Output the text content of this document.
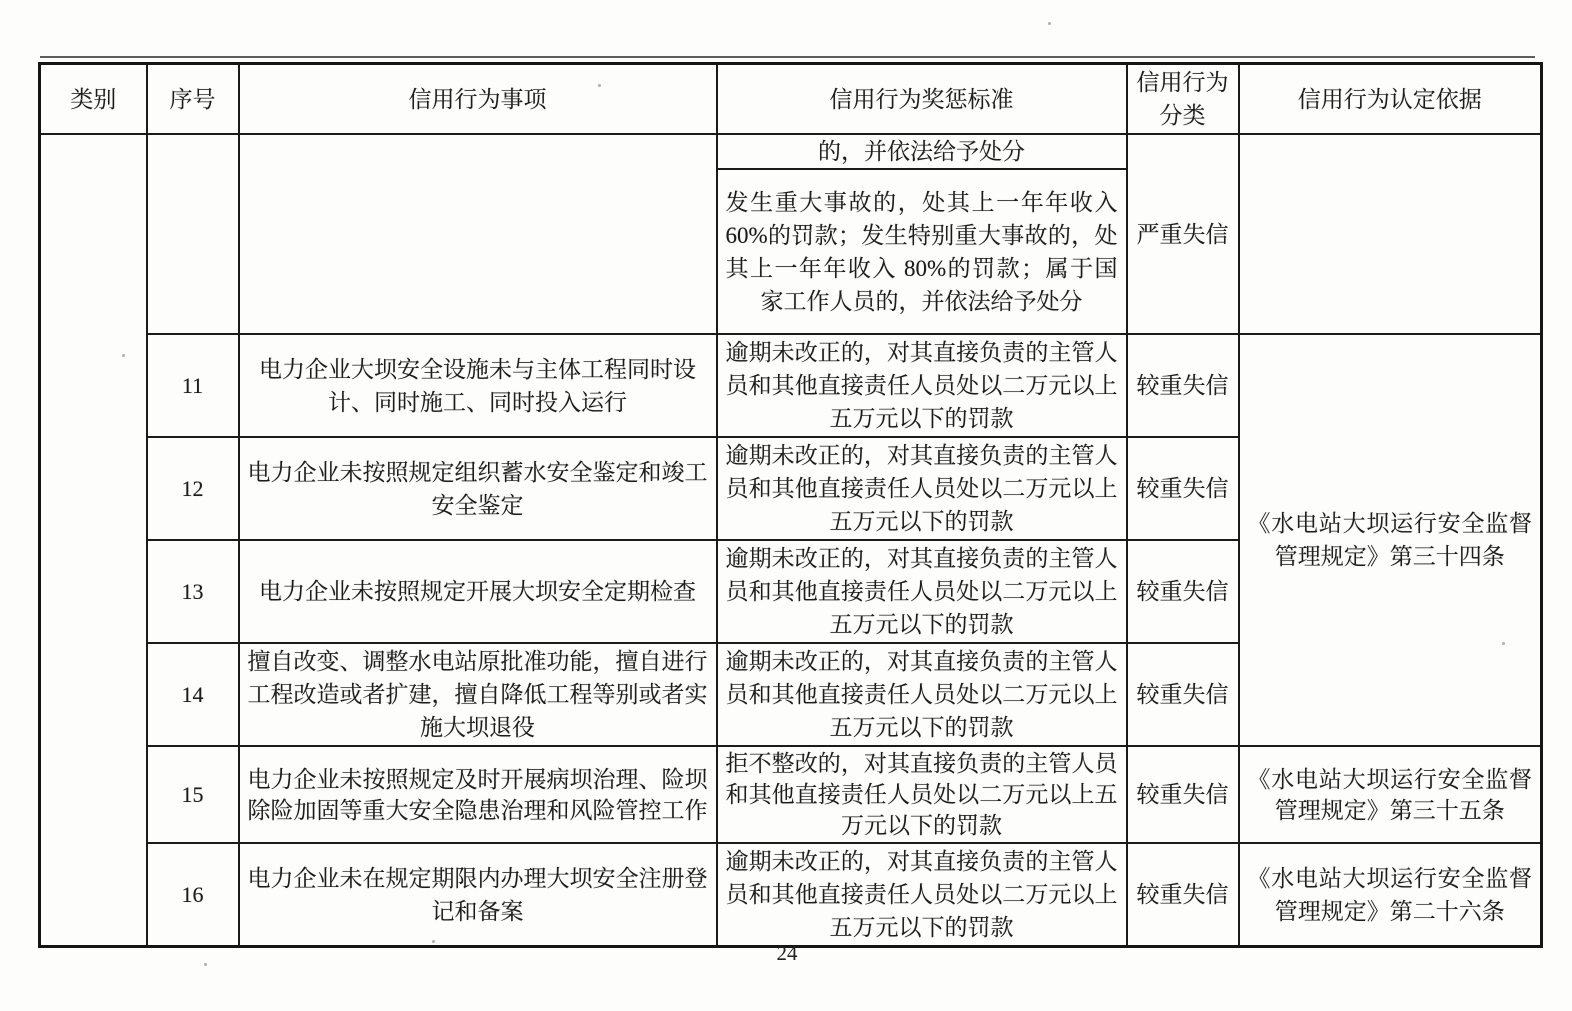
类别	序号	信用行为事项	信用行为奖惩标准	信用行为分类	信用行为认定依据
			的，并依法给予处分	严重失信	
			发生重大事故的，处其上一年年收入 60%的罚款；发生特别重大事故的，处其上一年年收入 80%的罚款；属于国家工作人员的，并依法给予处分		
	11	电力企业大坝安全设施未与主体工程同时设计、同时施工、同时投入运行	逾期未改正的，对其直接负责的主管人员和其他直接责任人员处以二万元以上五万元以下的罚款	较重失信	《水电站大坝运行安全监督管理规定》第三十四条
	12	电力企业未按照规定组织蓄水安全鉴定和竣工安全鉴定	逾期未改正的，对其直接负责的主管人员和其他直接责任人员处以二万元以上五万元以下的罚款	较重失信	
	13	电力企业未按照规定开展大坝安全定期检查	逾期未改正的，对其直接负责的主管人员和其他直接责任人员处以二万元以上五万元以下的罚款	较重失信	
	14	擅自改变、调整水电站原批准功能，擅自进行工程改造或者扩建，擅自降低工程等别或者实施大坝退役	逾期未改正的，对其直接负责的主管人员和其他直接责任人员处以二万元以上五万元以下的罚款	较重失信	
	15	电力企业未按照规定及时开展病坝治理、险坝除险加固等重大安全隐患治理和风险管控工作	拒不整改的，对其直接负责的主管人员和其他直接责任人员处以二万元以上五万元以下的罚款	较重失信	《水电站大坝运行安全监督管理规定》第三十五条
	16	电力企业未在规定期限内办理大坝安全注册登记和备案	逾期未改正的，对其直接负责的主管人员和其他直接责任人员处以二万元以上五万元以下的罚款	较重失信	《水电站大坝运行安全监督管理规定》第二十六条
24
